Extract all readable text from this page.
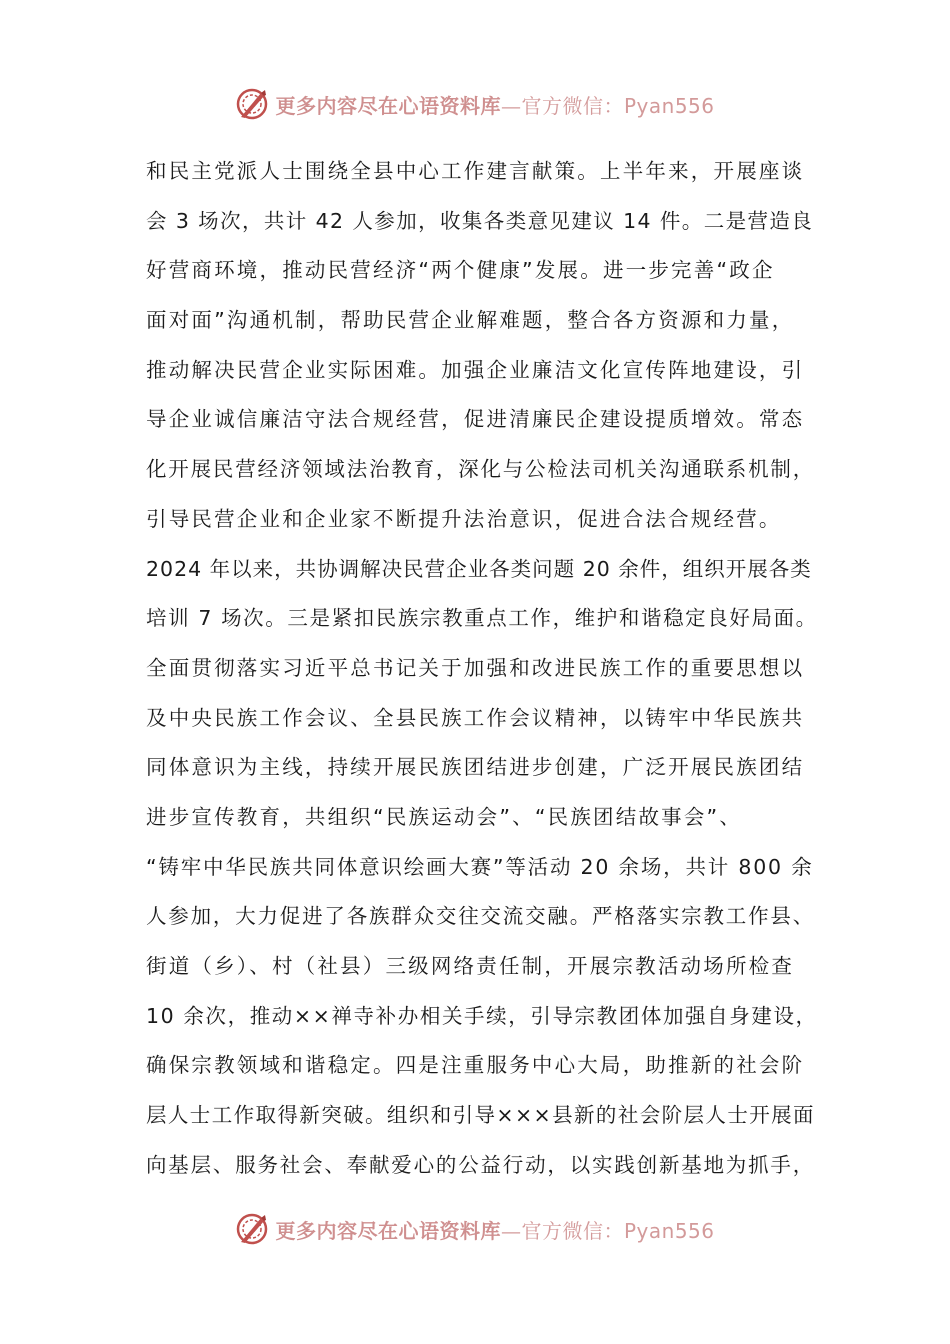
更多内容尽在心语资料库—官方微信：Pyan556
和民主党派人士围绕全县中心工作建言献策。上半年来，开展座谈
会 3 场次，共计 42 人参加，收集各类意见建议 14 件。二是营造良
好营商环境，推动民营经济“两个健康”发展。进一步完善“政企
面对面”沟通机制，帮助民营企业解难题，整合各方资源和力量，
推动解决民营企业实际困难。加强企业廉洁文化宣传阵地建设，引
导企业诚信廉洁守法合规经营，促进清廉民企建设提质增效。常态
化开展民营经济领域法治教育，深化与公检法司机关沟通联系机制，
引导民营企业和企业家不断提升法治意识，促进合法合规经营。
2024 年以来，共协调解决民营企业各类问题 20 余件，组织开展各类
培训 7 场次。三是紧扣民族宗教重点工作，维护和谐稳定良好局面。
全面贯彻落实习近平总书记关于加强和改进民族工作的重要思想以
及中央民族工作会议、全县民族工作会议精神，以铸牢中华民族共
同体意识为主线，持续开展民族团结进步创建，广泛开展民族团结
进步宣传教育，共组织“民族运动会”、“民族团结故事会”、
“铸牢中华民族共同体意识绘画大赛”等活动 20 余场，共计 800 余
人参加，大力促进了各族群众交往交流交融。严格落实宗教工作县、
街道（乡）、村（社县）三级网络责任制，开展宗教活动场所检查
10 余次，推动××禅寺补办相关手续，引导宗教团体加强自身建设，
确保宗教领域和谐稳定。四是注重服务中心大局，助推新的社会阶
层人士工作取得新突破。组织和引导×××县新的社会阶层人士开展面
向基层、服务社会、奉献爱心的公益行动，以实践创新基地为抓手，
更多内容尽在心语资料库—官方微信：Pyan556
